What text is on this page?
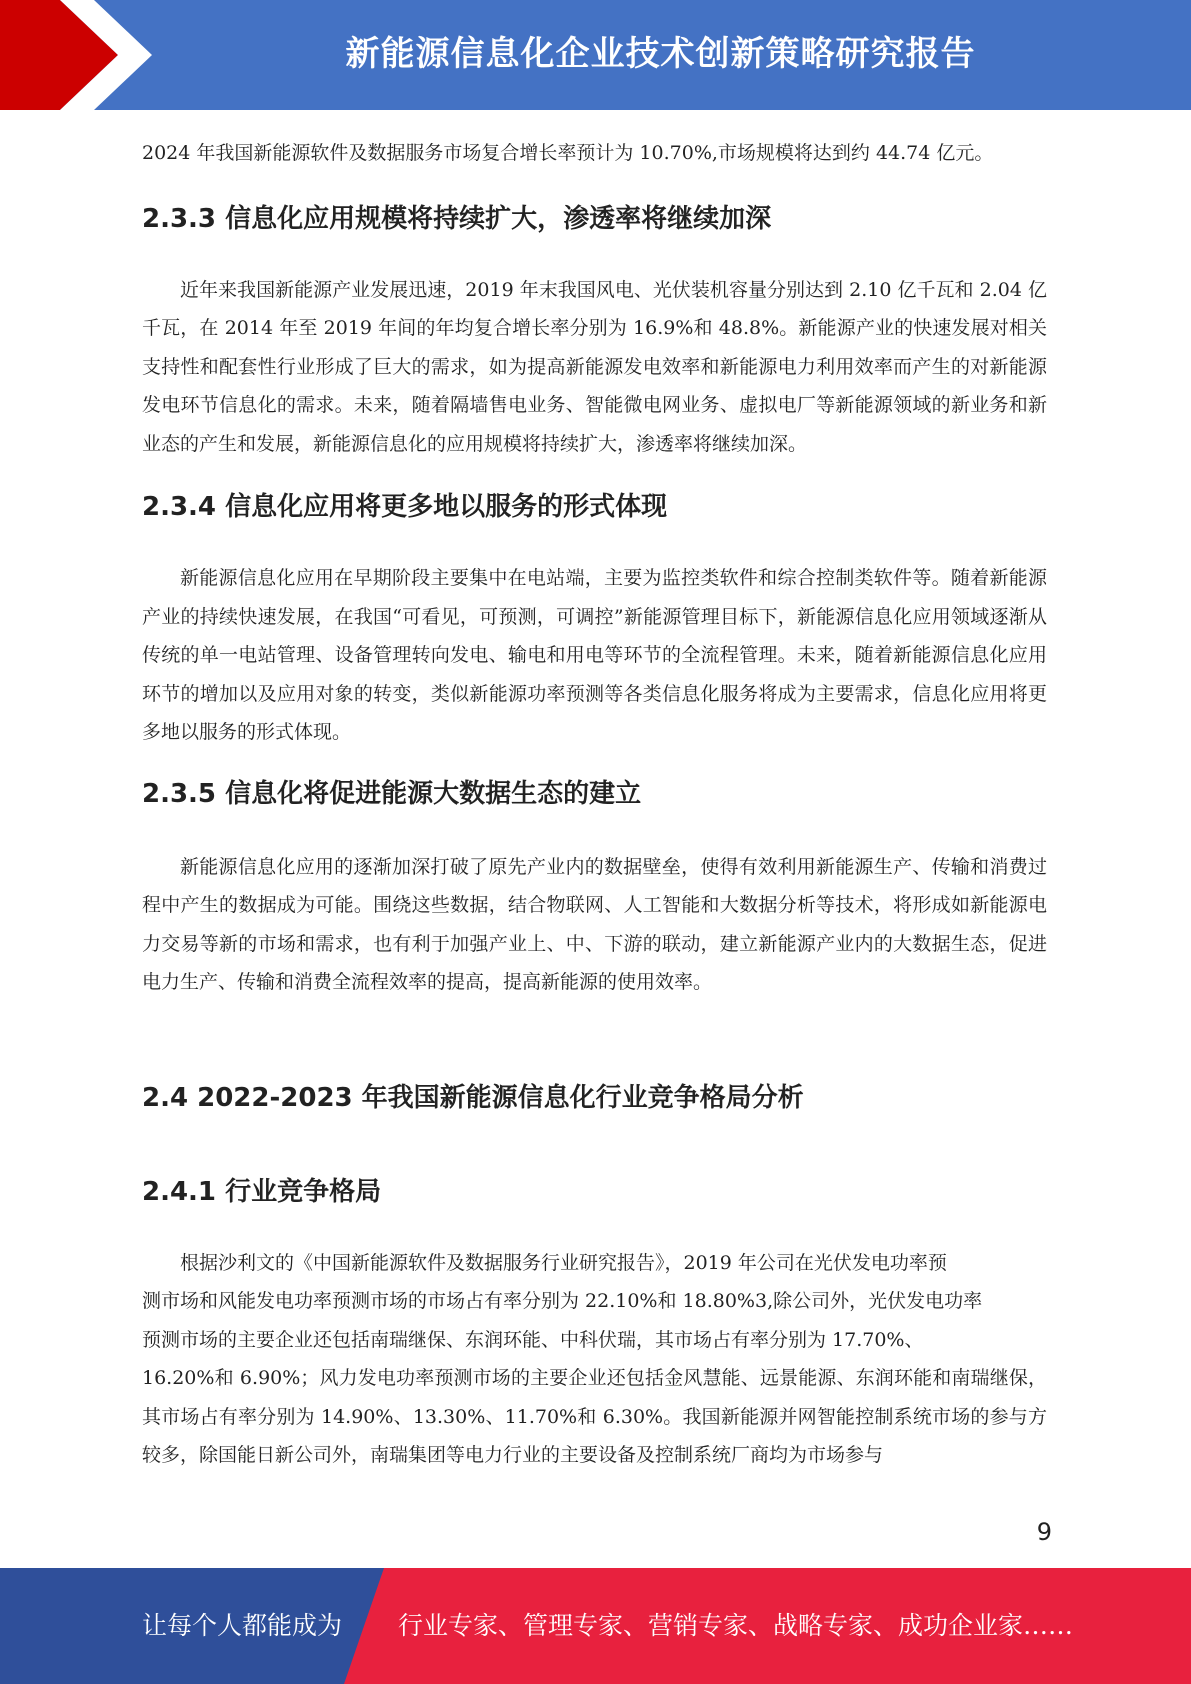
新能源信息化企业技术创新策略研究报告

2024 年我国新能源软件及数据服务市场复合增长率预计为 10.70%,市场规模将达到约 44.74 亿元。

2.3.3 信息化应用规模将持续扩大，渗透率将继续加深

近年来我国新能源产业发展迅速，2019 年末我国风电、光伏装机容量分别达到 2.10 亿千瓦和 2.04 亿千瓦，在 2014 年至 2019 年间的年均复合增长率分别为 16.9%和 48.8%。新能源产业的快速发展对相关支持性和配套性行业形成了巨大的需求，如为提高新能源发电效率和新能源电力利用效率而产生的对新能源发电环节信息化的需求。未来，随着隔墙售电业务、智能微电网业务、虚拟电厂等新能源领域的新业务和新业态的产生和发展，新能源信息化的应用规模将持续扩大，渗透率将继续加深。

2.3.4 信息化应用将更多地以服务的形式体现

新能源信息化应用在早期阶段主要集中在电站端，主要为监控类软件和综合控制类软件等。随着新能源产业的持续快速发展，在我国“可看见，可预测，可调控”新能源管理目标下，新能源信息化应用领域逐渐从传统的单一电站管理、设备管理转向发电、输电和用电等环节的全流程管理。未来，随着新能源信息化应用环节的增加以及应用对象的转变，类似新能源功率预测等各类信息化服务将成为主要需求，信息化应用将更多地以服务的形式体现。

2.3.5 信息化将促进能源大数据生态的建立

新能源信息化应用的逐渐加深打破了原先产业内的数据壁垒，使得有效利用新能源生产、传输和消费过程中产生的数据成为可能。围绕这些数据，结合物联网、人工智能和大数据分析等技术，将形成如新能源电力交易等新的市场和需求，也有利于加强产业上、中、下游的联动，建立新能源产业内的大数据生态，促进电力生产、传输和消费全流程效率的提高，提高新能源的使用效率。

2.4 2022-2023 年我国新能源信息化行业竞争格局分析
2.4.1 行业竞争格局
根据沙利文的《中国新能源软件及数据服务行业研究报告》，2019 年公司在光伏发电功率预
测市场和风能发电功率预测市场的市场占有率分别为 22.10%和 18.80%3,除公司外，光伏发电功率
预测市场的主要企业还包括南瑞继保、东润环能、中科伏瑞，其市场占有率分别为 17.70%、
16.20%和 6.90%；风力发电功率预测市场的主要企业还包括金风慧能、远景能源、东润环能和南瑞继保，其市场占有率分别为 14.90%、13.30%、11.70%和 6.30%。我国新能源并网智能控制系统市场的参与方较多，除国能日新公司外，南瑞集团等电力行业的主要设备及控制系统厂商均为市场参与
9
让每个人都能成为 行业专家、管理专家、营销专家、战略专家、成功企业家……
